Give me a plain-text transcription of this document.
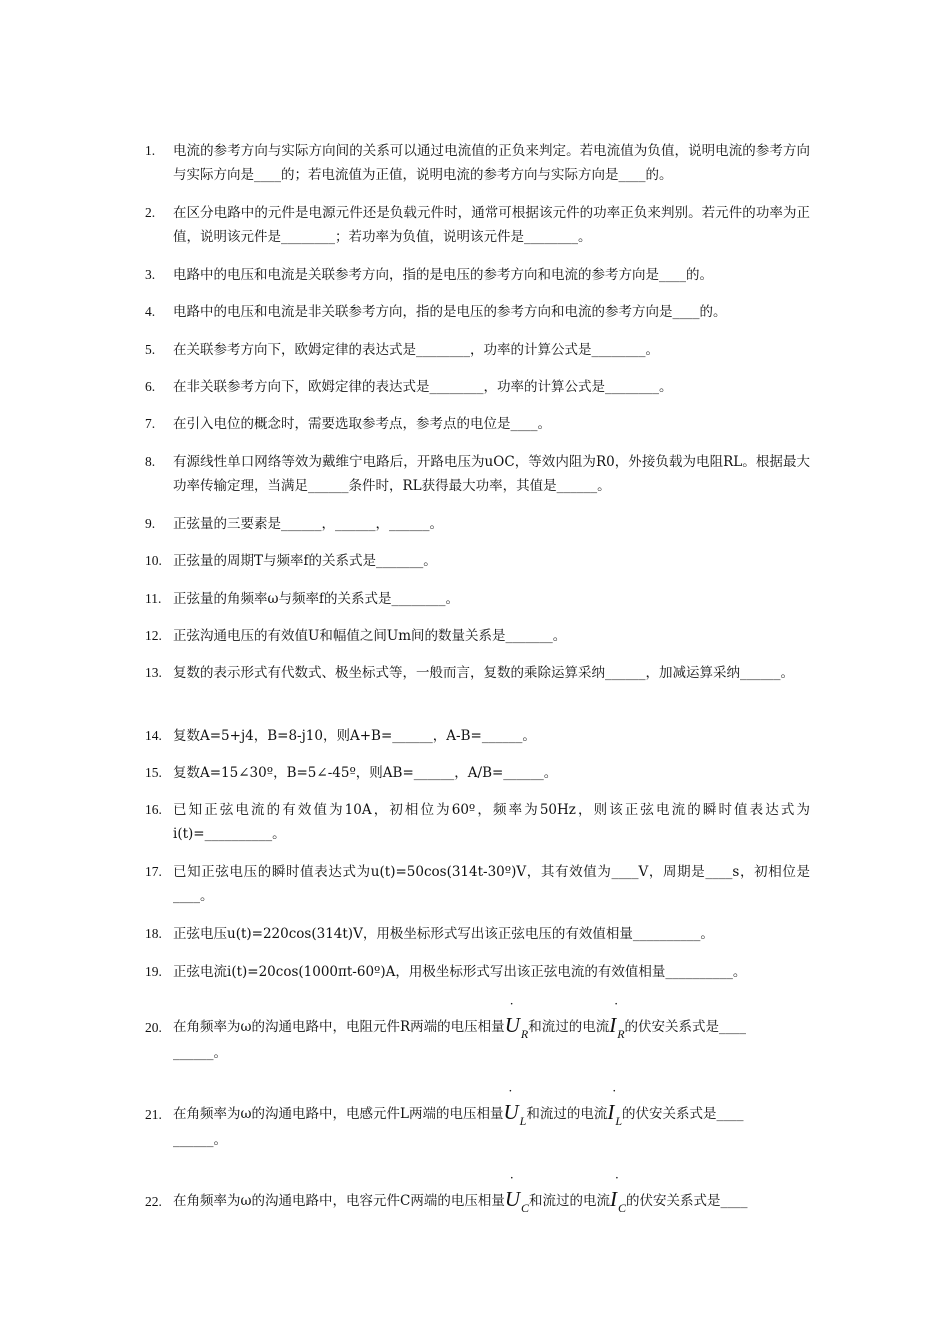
1.	电流的参考方向与实际方向间的关系可以通过电流值的正负来判定。若电流值为负值，说明电流的参考方向与实际方向是____的；若电流值为正值，说明电流的参考方向与实际方向是____的。
2.	在区分电路中的元件是电源元件还是负载元件时，通常可根据该元件的功率正负来判别。若元件的功率为正值，说明该元件是________；若功率为负值，说明该元件是________。
3.	电路中的电压和电流是关联参考方向，指的是电压的参考方向和电流的参考方向是____的。
4.	电路中的电压和电流是非关联参考方向，指的是电压的参考方向和电流的参考方向是____的。
5.	在关联参考方向下，欧姆定律的表达式是________，功率的计算公式是________。
6.	在非关联参考方向下，欧姆定律的表达式是________，功率的计算公式是________。
7.	在引入电位的概念时，需要选取参考点，参考点的电位是____。
8.	有源线性单口网络等效为戴维宁电路后，开路电压为uOC，等效内阻为R0，外接负载为电阻RL。根据最大功率传输定理，当满足______条件时，RL获得最大功率，其值是______。
9.	正弦量的三要素是______，______，______。
10. 正弦量的周期T与频率f的关系式是_______。
11. 正弦量的角频率ω与频率f的关系式是________。
12. 正弦沟通电压的有效值U和幅值之间Um间的数量关系是_______。
13. 复数的表示形式有代数式、极坐标式等，一般而言，复数的乘除运算采纳______，加减运算采纳______。
14. 复数A=5+j4，B=8-j10，则A+B=______，A-B=______。
15. 复数A=15∠30º，B=5∠-45º，则AB=______，A/B=______。
16. 已知正弦电流的有效值为10A，初相位为60º，频率为50Hz，则该正弦电流的瞬时值表达式为i(t)=__________。
17. 已知正弦电压的瞬时值表达式为u(t)=50cos(314t-30º)V，其有效值为____V，周期是____s，初相位是____。
18. 正弦电压u(t)=220cos(314t)V，用极坐标形式写出该正弦电压的有效值相量__________。
19. 正弦电流i(t)=20cos(1000πt-60º)A，用极坐标形式写出该正弦电流的有效值相量__________。
20. 在角频率为ω的沟通电路中，电阻元件R两端的电压相量
·
UR和流过的电流
·
IR的伏安关系式是____
______。
21. 在角频率为ω的沟通电路中，电感元件L两端的电压相量
·
UL和流过的电流
·
IL的伏安关系式是____
______。
22. 在角频率为ω的沟通电路中，电容元件C两端的电压相量
·
UC和流过的电流
·
IC的伏安关系式是____
